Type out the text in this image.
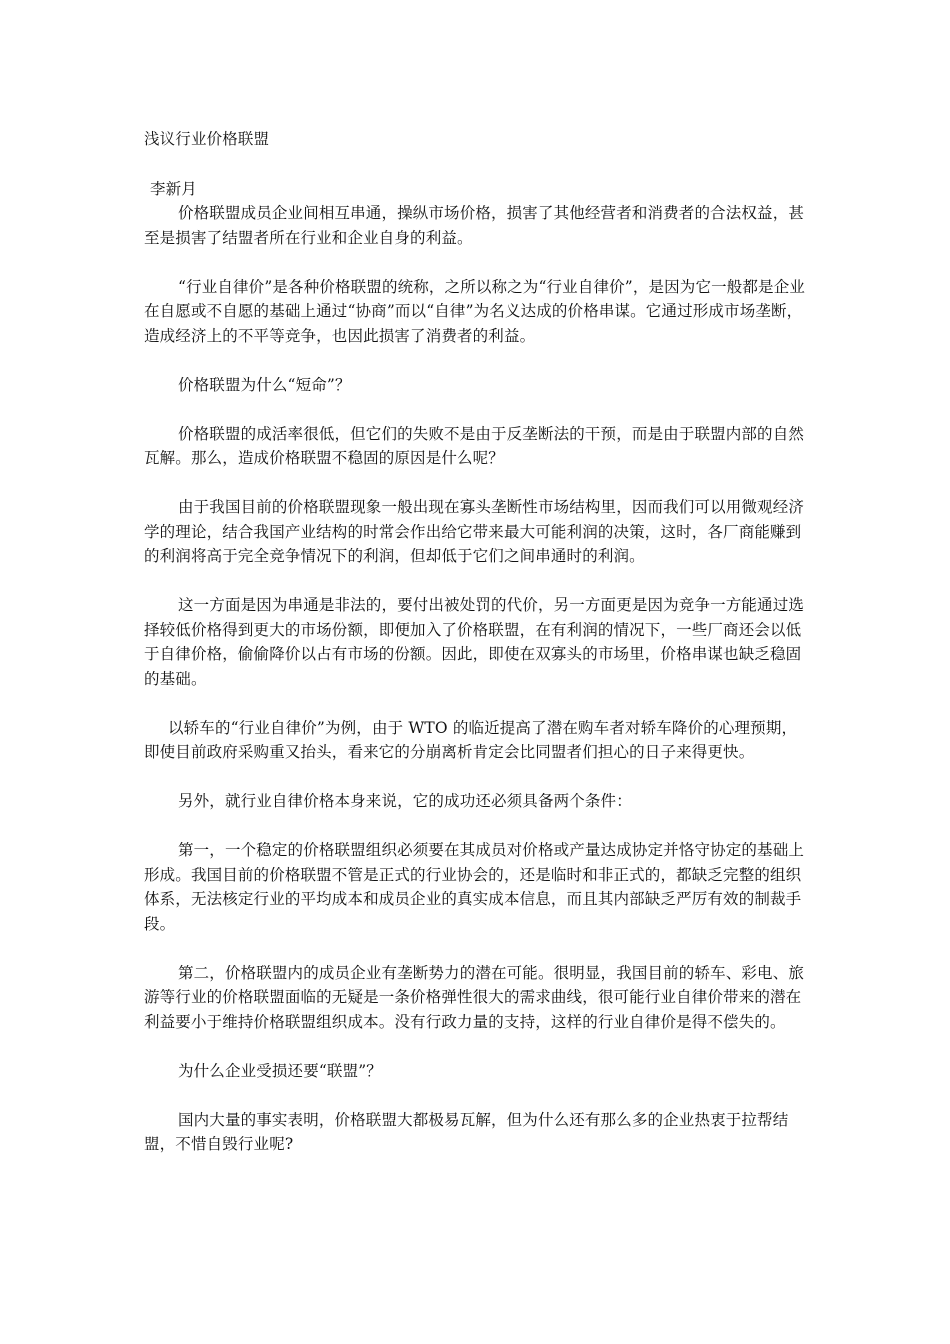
浅议行业价格联盟
李新月

价格联盟成员企业间相互串通，操纵市场价格，损害了其他经营者和消费者的合法权益，甚至是损害了结盟者所在行业和企业自身的利益。

“行业自律价”是各种价格联盟的统称，之所以称之为“行业自律价”，是因为它一般都是企业在自愿或不自愿的基础上通过“协商”而以“自律”为名义达成的价格串谋。它通过形成市场垄断，造成经济上的不平等竞争，也因此损害了消费者的利益。

价格联盟为什么“短命”？

价格联盟的成活率很低，但它们的失败不是由于反垄断法的干预，而是由于联盟内部的自然瓦解。那么，造成价格联盟不稳固的原因是什么呢？

由于我国目前的价格联盟现象一般出现在寡头垄断性市场结构里，因而我们可以用微观经济学的理论，结合我国产业结构的时常会作出给它带来最大可能利润的决策，这时，各厂商能赚到的利润将高于完全竞争情况下的利润，但却低于它们之间串通时的利润。

这一方面是因为串通是非法的，要付出被处罚的代价，另一方面更是因为竞争一方能通过选择较低价格得到更大的市场份额，即便加入了价格联盟，在有利润的情况下，一些厂商还会以低于自律价格，偷偷降价以占有市场的份额。因此，即使在双寡头的市场里，价格串谋也缺乏稳固的基础。

以轿车的“行业自律价”为例，由于 WTO 的临近提高了潜在购车者对轿车降价的心理预期，即使目前政府采购重又抬头，看来它的分崩离析肯定会比同盟者们担心的日子来得更快。

另外，就行业自律价格本身来说，它的成功还必须具备两个条件：

第一，一个稳定的价格联盟组织必须要在其成员对价格或产量达成协定并恪守协定的基础上形成。我国目前的价格联盟不管是正式的行业协会的，还是临时和非正式的，都缺乏完整的组织体系，无法核定行业的平均成本和成员企业的真实成本信息，而且其内部缺乏严厉有效的制裁手段。

第二，价格联盟内的成员企业有垄断势力的潜在可能。很明显，我国目前的轿车、彩电、旅游等行业的价格联盟面临的无疑是一条价格弹性很大的需求曲线，很可能行业自律价带来的潜在利益要小于维持价格联盟组织成本。没有行政力量的支持，这样的行业自律价是得不偿失的。

为什么企业受损还要“联盟”？

国内大量的事实表明，价格联盟大都极易瓦解，但为什么还有那么多的企业热衷于拉帮结盟，不惜自毁行业呢?
